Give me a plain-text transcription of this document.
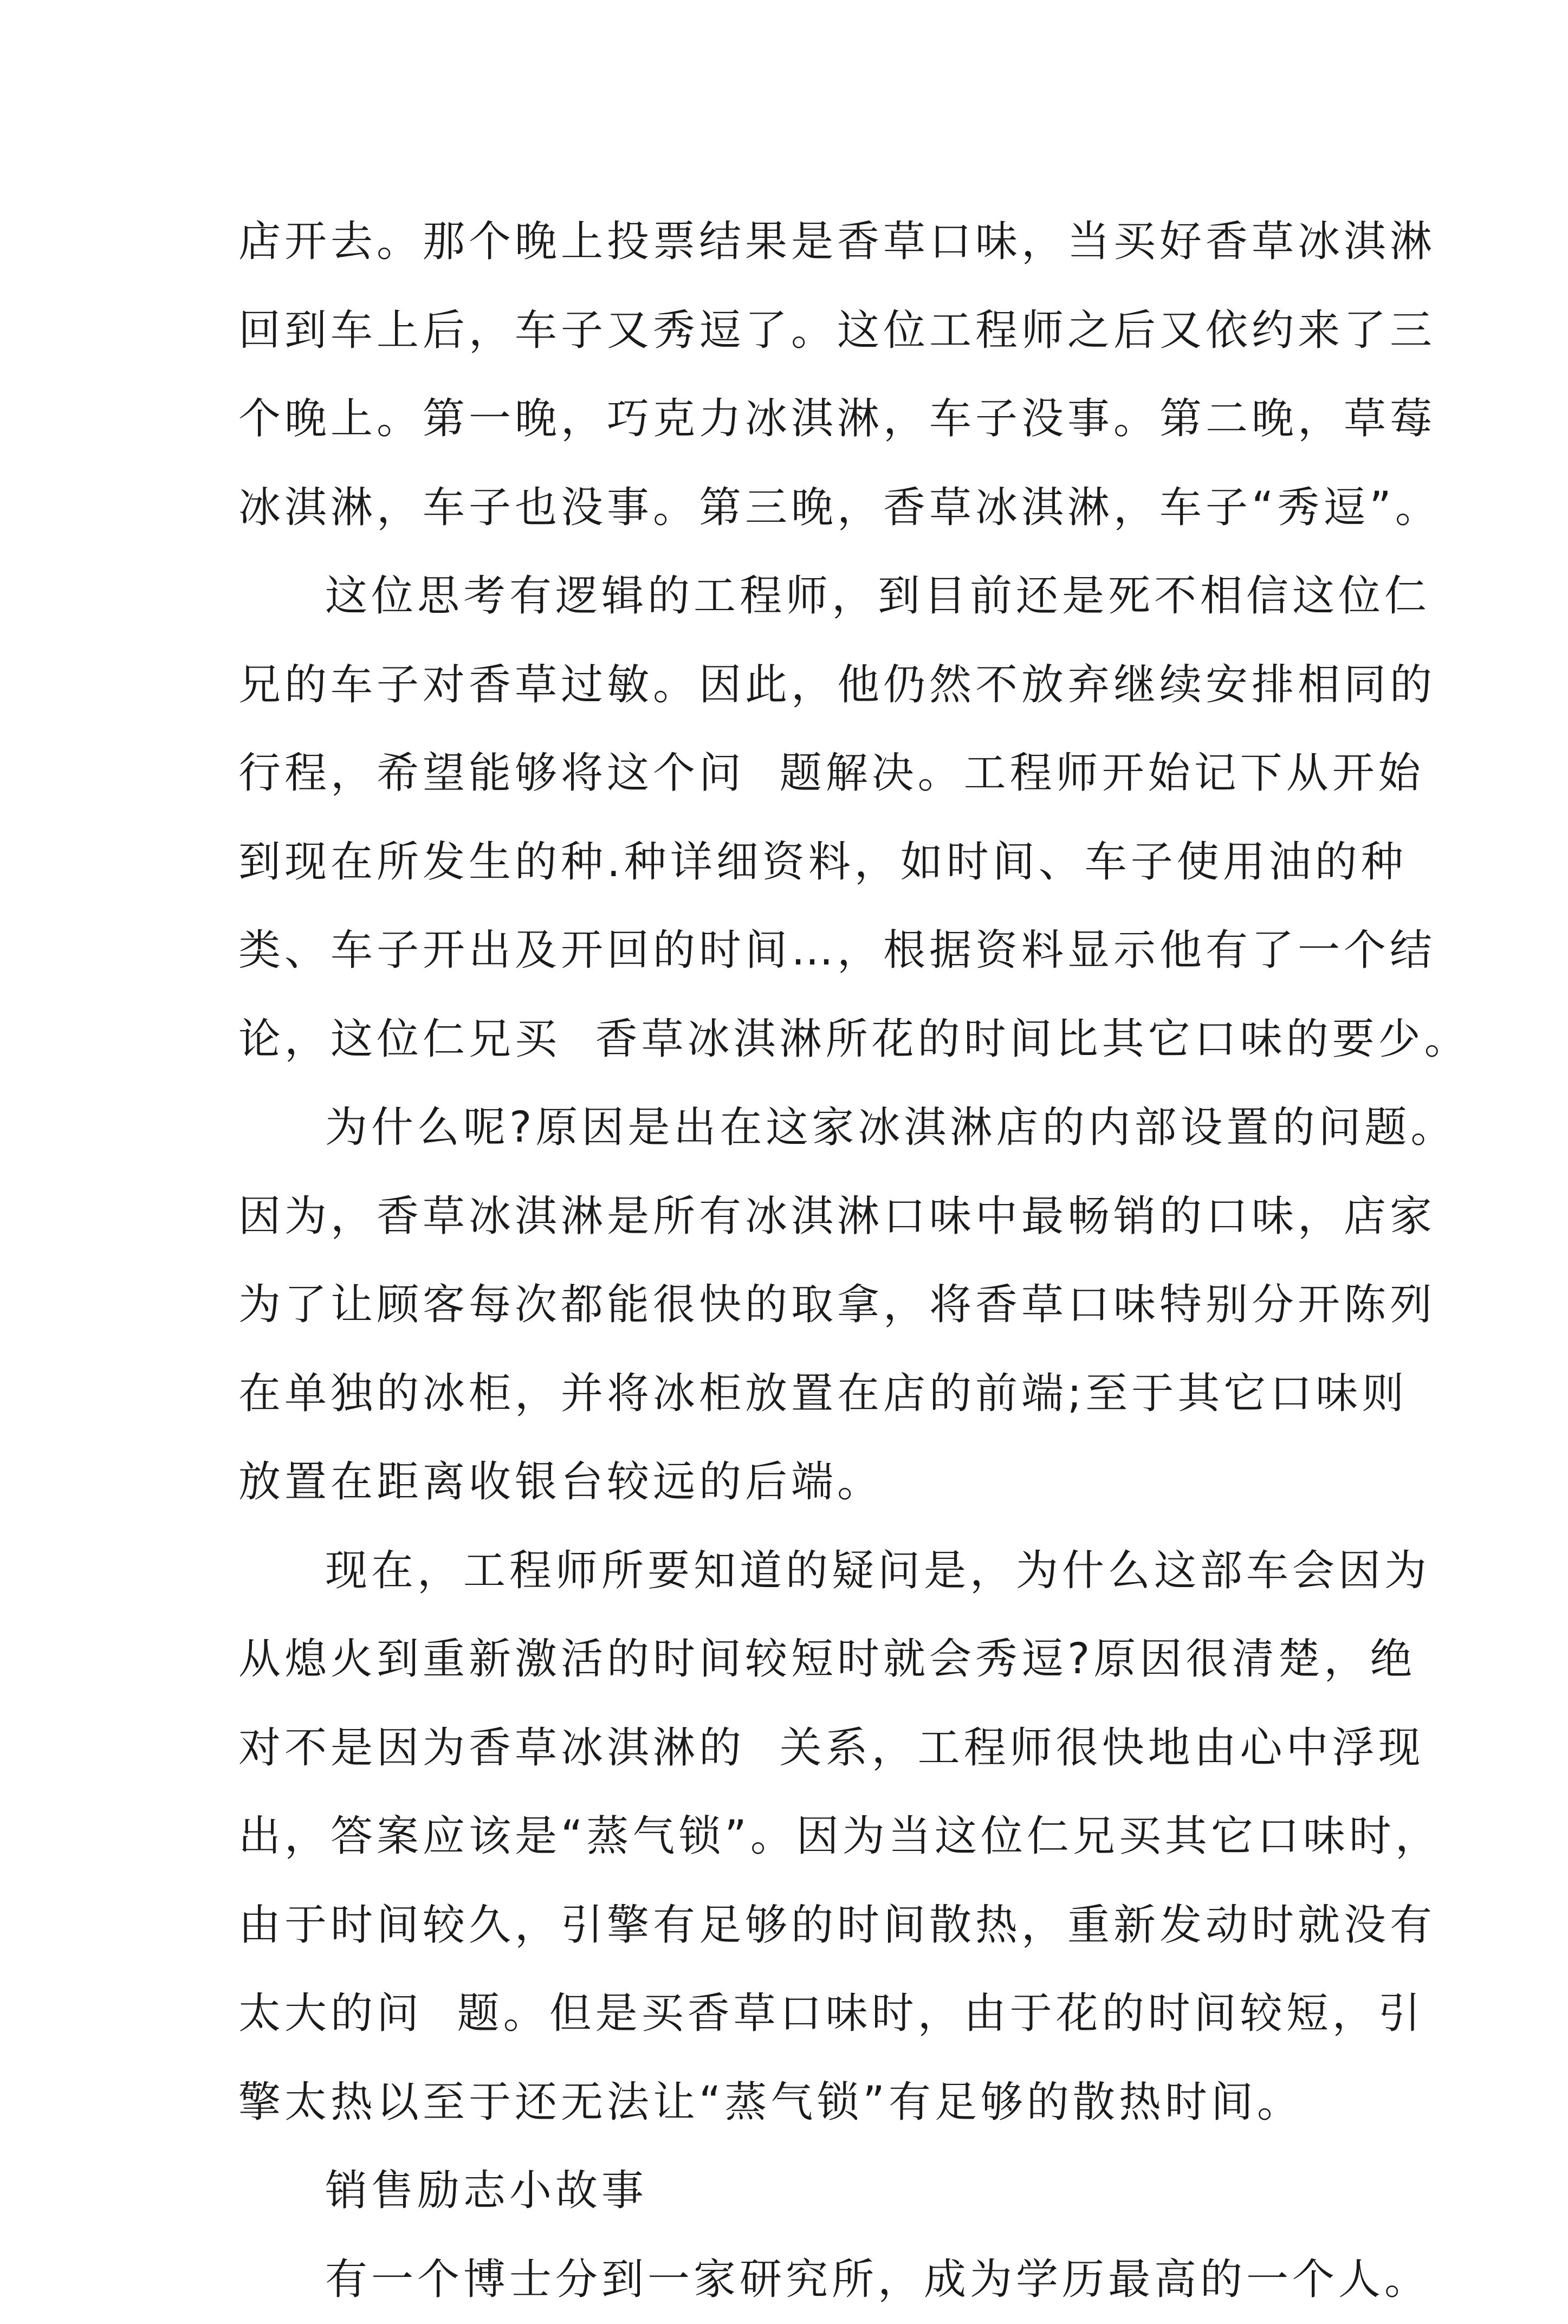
店开去。那个晚上投票结果是香草口味，当买好香草冰淇淋
回到车上后，车子又秀逗了。这位工程师之后又依约来了三
个晚上。第一晚，巧克力冰淇淋，车子没事。第二晚，草莓
冰淇淋，车子也没事。第三晚，香草冰淇淋，车子“秀逗”。
这位思考有逻辑的工程师，到目前还是死不相信这位仁
兄的车子对香草过敏。因此，他仍然不放弃继续安排相同的
行程，希望能够将这个问  题解决。工程师开始记下从开始
到现在所发生的种.种详细资料，如时间、车子使用油的种
类、车子开出及开回的时间…，根据资料显示他有了一个结
论，这位仁兄买  香草冰淇淋所花的时间比其它口味的要少。
为什么呢?原因是出在这家冰淇淋店的内部设置的问题。
因为，香草冰淇淋是所有冰淇淋口味中最畅销的口味，店家
为了让顾客每次都能很快的取拿，将香草口味特别分开陈列
在单独的冰柜，并将冰柜放置在店的前端;至于其它口味则
放置在距离收银台较远的后端。
现在，工程师所要知道的疑问是，为什么这部车会因为
从熄火到重新激活的时间较短时就会秀逗?原因很清楚，绝
对不是因为香草冰淇淋的  关系，工程师很快地由心中浮现
出，答案应该是“蒸气锁”。因为当这位仁兄买其它口味时，
由于时间较久，引擎有足够的时间散热，重新发动时就没有
太大的问  题。但是买香草口味时，由于花的时间较短，引
擎太热以至于还无法让“蒸气锁”有足够的散热时间。
销售励志小故事
有一个博士分到一家研究所，成为学历最高的一个人。
